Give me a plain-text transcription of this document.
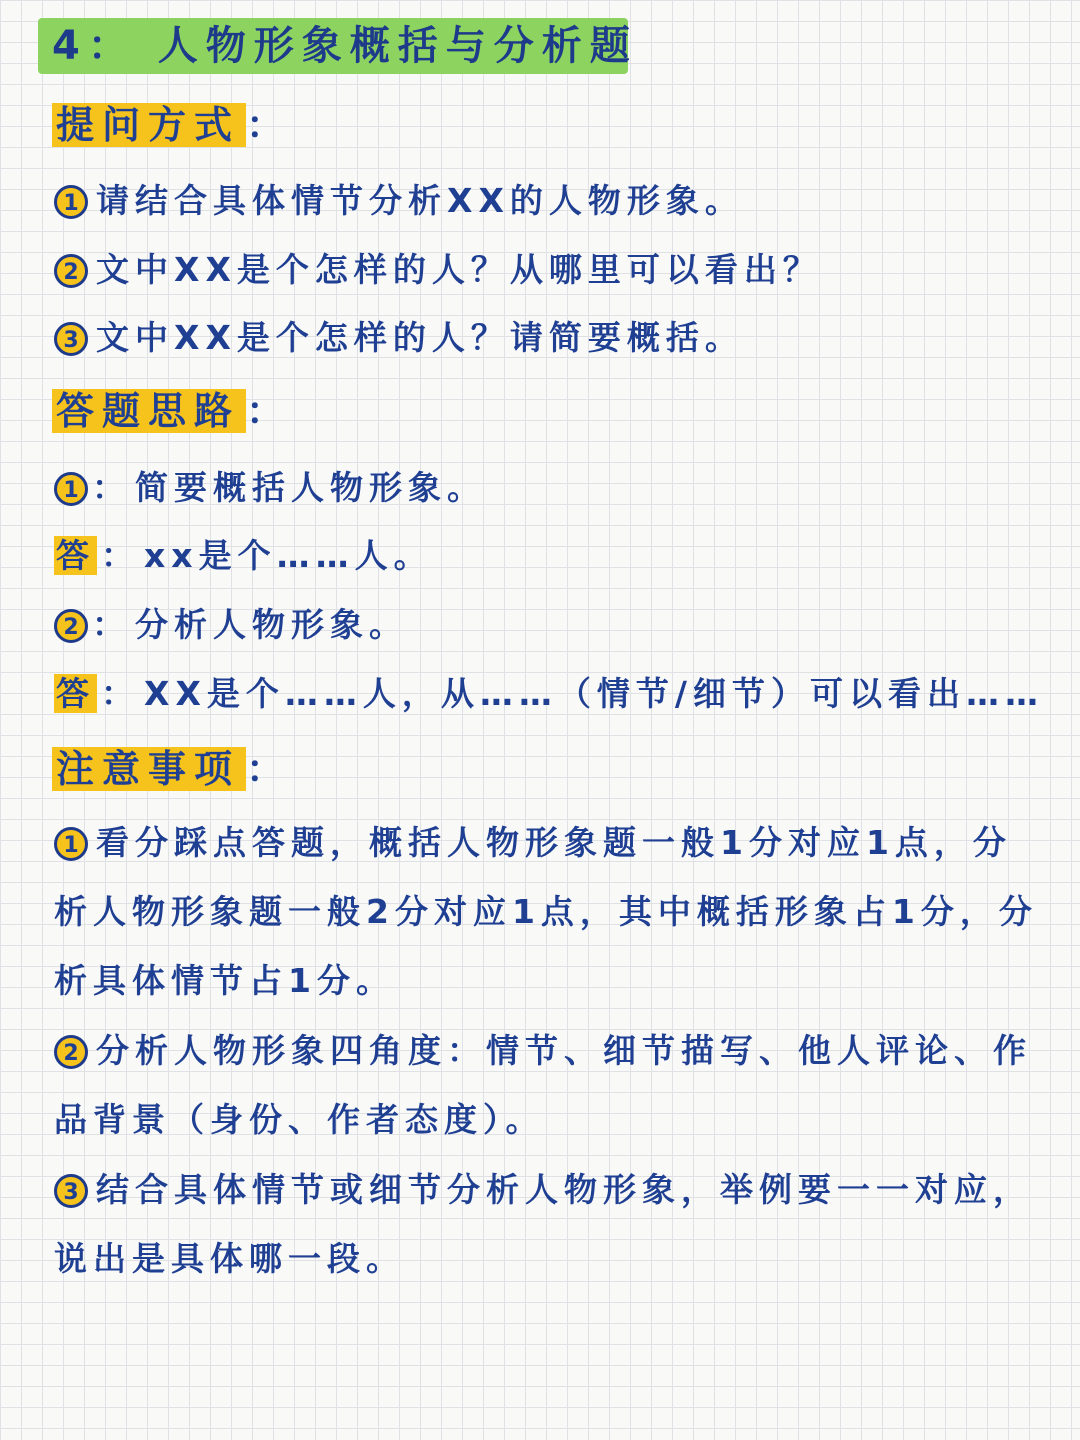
4： 人物形象概括与分析题
提问方式 ：
1 请结合具体情节分析XX的人物形象。
2 文中XX是个怎样的人？从哪里可以看出？
3 文中XX是个怎样的人？请简要概括。
答题思路 ：
1 ： 简要概括人物形象。
答 ： xx是个……人。
2 ： 分析人物形象。
答 ： XX是个……人，从……（情节/细节）可以看出……
注意事项 ：
1 看分踩点答题，概括人物形象题一般1分对应1点，分析人物形象题一般2分对应1点，其中概括形象占1分，分析具体情节占1分。
2 分析人物形象四角度：情节、细节描写、他人评论、作品背景（身份、作者态度）。
3 结合具体情节或细节分析人物形象，举例要一一对应，说出是具体哪一段。
